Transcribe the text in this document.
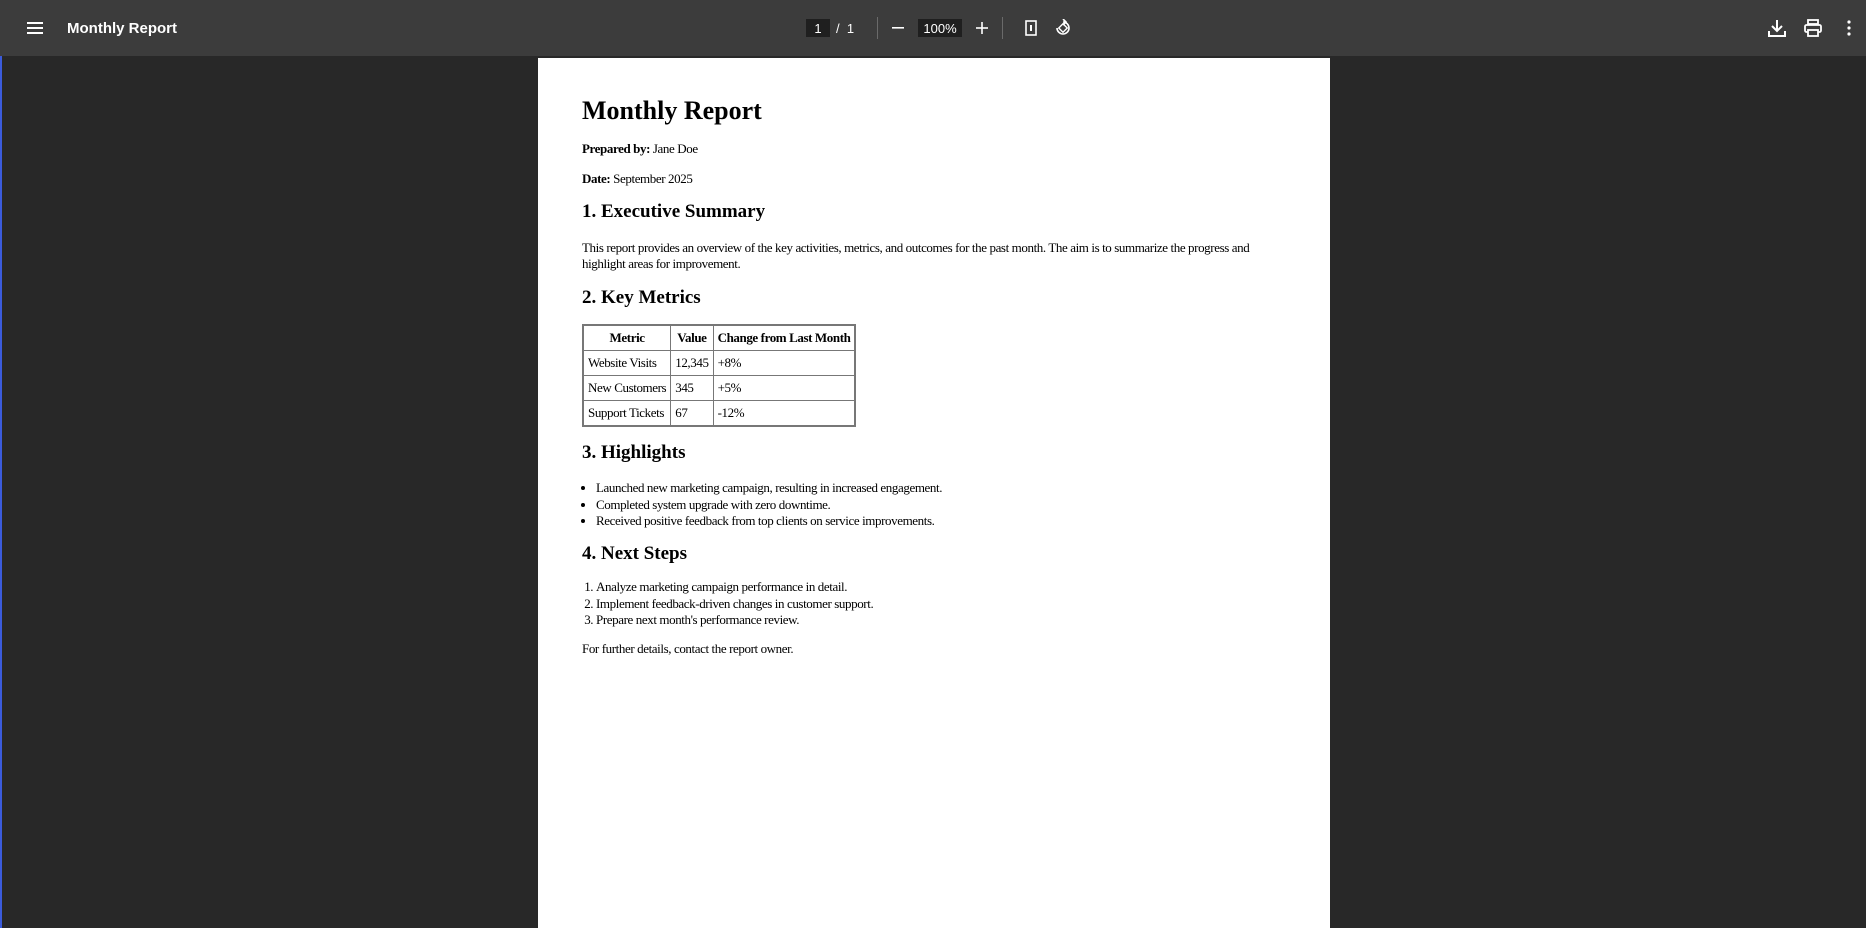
Monthly Report	1	/
1	100%
Monthly Report
Prepared by: Jane Doe
Date: September 2025
1. Executive Summary
This report provides an overview of the key activities, metrics, and outcomes for the past month. The aim is to summarize the progress and highlight areas for improvement.
2. Key Metrics
Metric	Value	Change from Last Month
Website Visits	12,345	+8%
New Customers	345	+5%
Support Tickets	67	-12%
3. Highlights
• Launched new marketing campaign, resulting in increased engagement.
• Completed system upgrade with zero downtime.
• Received positive feedback from top clients on service improvements.
4. Next Steps
1. Analyze marketing campaign performance in detail.
2. Implement feedback-driven changes in customer support.
3. Prepare next month's performance review.
For further details, contact the report owner.
